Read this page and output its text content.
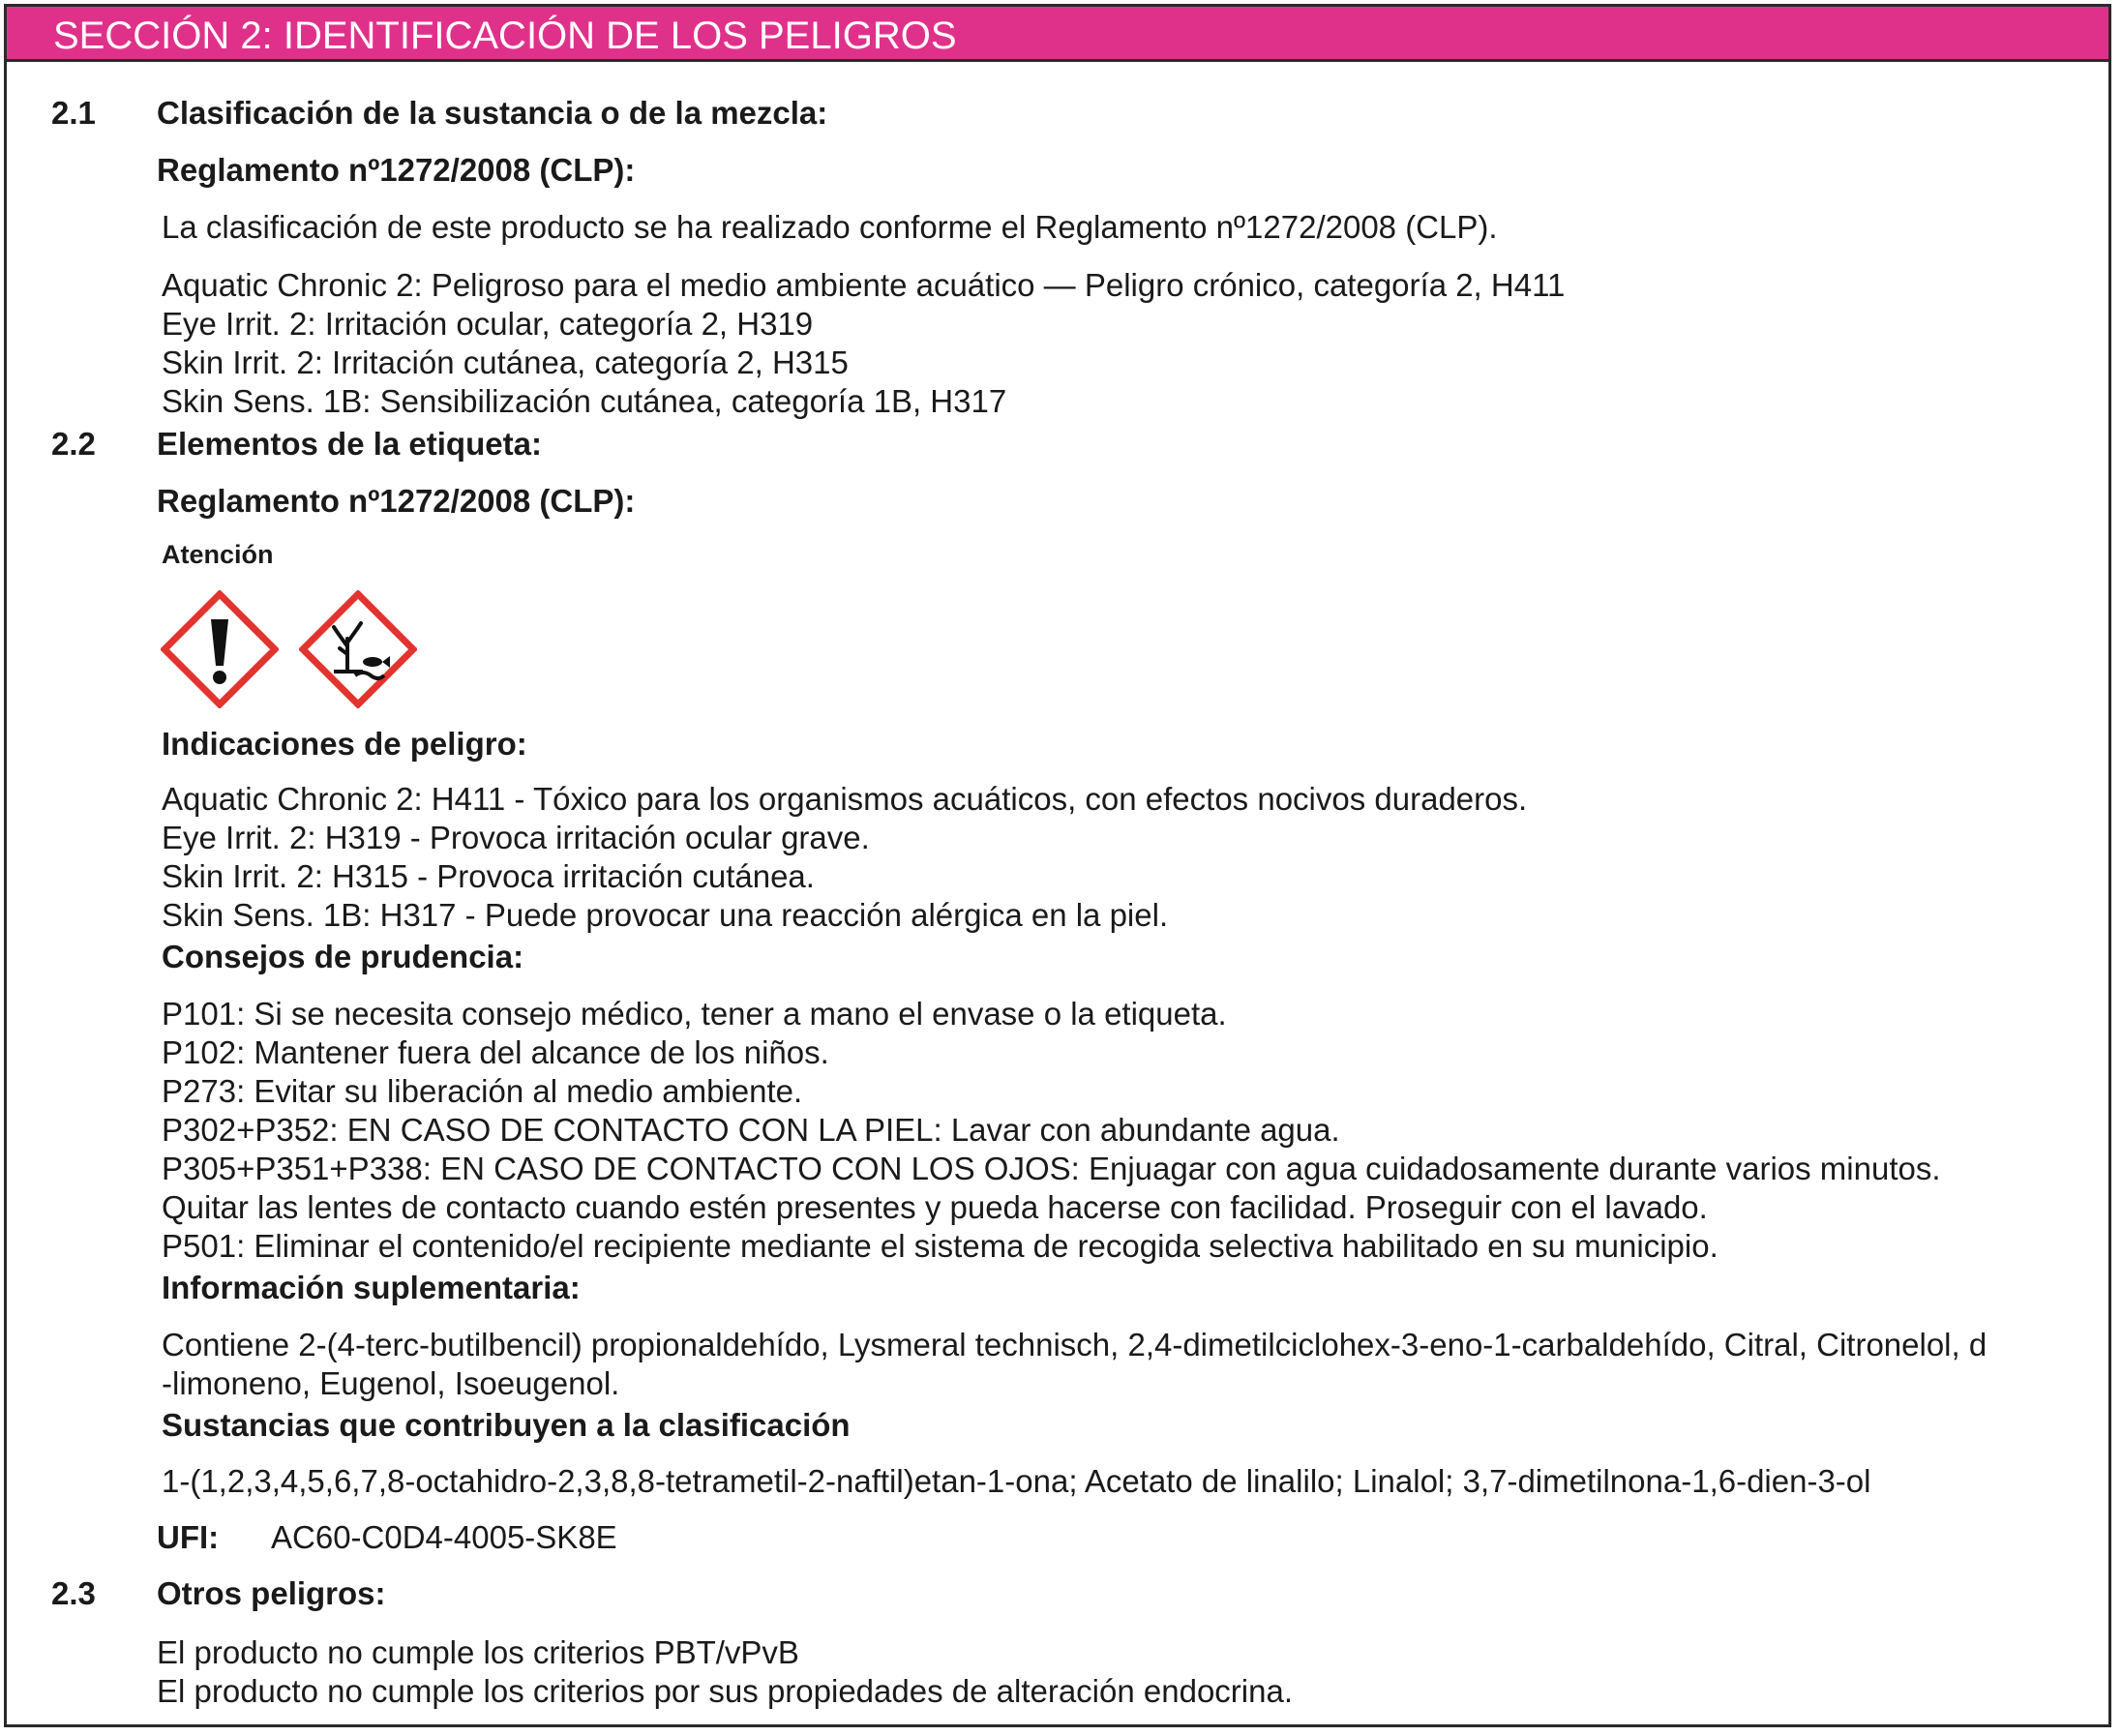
SECCIÓN 2: IDENTIFICACIÓN DE LOS PELIGROS
2.1 Clasificación de la sustancia o de la mezcla:
Reglamento nº1272/2008 (CLP):
La clasificación de este producto se ha realizado conforme el Reglamento nº1272/2008 (CLP).
Aquatic Chronic 2: Peligroso para el medio ambiente acuático — Peligro crónico, categoría 2, H411
Eye Irrit. 2: Irritación ocular, categoría 2, H319
Skin Irrit. 2: Irritación cutánea, categoría 2, H315
Skin Sens. 1B: Sensibilización cutánea, categoría 1B, H317
2.2 Elementos de la etiqueta:
Reglamento nº1272/2008 (CLP):
Atención
Indicaciones de peligro:
Aquatic Chronic 2: H411 - Tóxico para los organismos acuáticos, con efectos nocivos duraderos.
Eye Irrit. 2: H319 - Provoca irritación ocular grave.
Skin Irrit. 2: H315 - Provoca irritación cutánea.
Skin Sens. 1B: H317 - Puede provocar una reacción alérgica en la piel.
Consejos de prudencia:
P101: Si se necesita consejo médico, tener a mano el envase o la etiqueta.
P102: Mantener fuera del alcance de los niños.
P273: Evitar su liberación al medio ambiente.
P302+P352: EN CASO DE CONTACTO CON LA PIEL: Lavar con abundante agua.
P305+P351+P338: EN CASO DE CONTACTO CON LOS OJOS: Enjuagar con agua cuidadosamente durante varios minutos.
Quitar las lentes de contacto cuando estén presentes y pueda hacerse con facilidad. Proseguir con el lavado.
P501: Eliminar el contenido/el recipiente mediante el sistema de recogida selectiva habilitado en su municipio.
Información suplementaria:
Contiene 2-(4-terc-butilbencil) propionaldehído, Lysmeral technisch, 2,4-dimetilciclohex-3-eno-1-carbaldehído, Citral, Citronelol, d
-limoneno, Eugenol, Isoeugenol.
Sustancias que contribuyen a la clasificación
1-(1,2,3,4,5,6,7,8-octahidro-2,3,8,8-tetrametil-2-naftil)etan-1-ona; Acetato de linalilo; Linalol; 3,7-dimetilnona-1,6-dien-3-ol
UFI: AC60-C0D4-4005-SK8E
2.3 Otros peligros:
El producto no cumple los criterios PBT/vPvB
El producto no cumple los criterios por sus propiedades de alteración endocrina.
